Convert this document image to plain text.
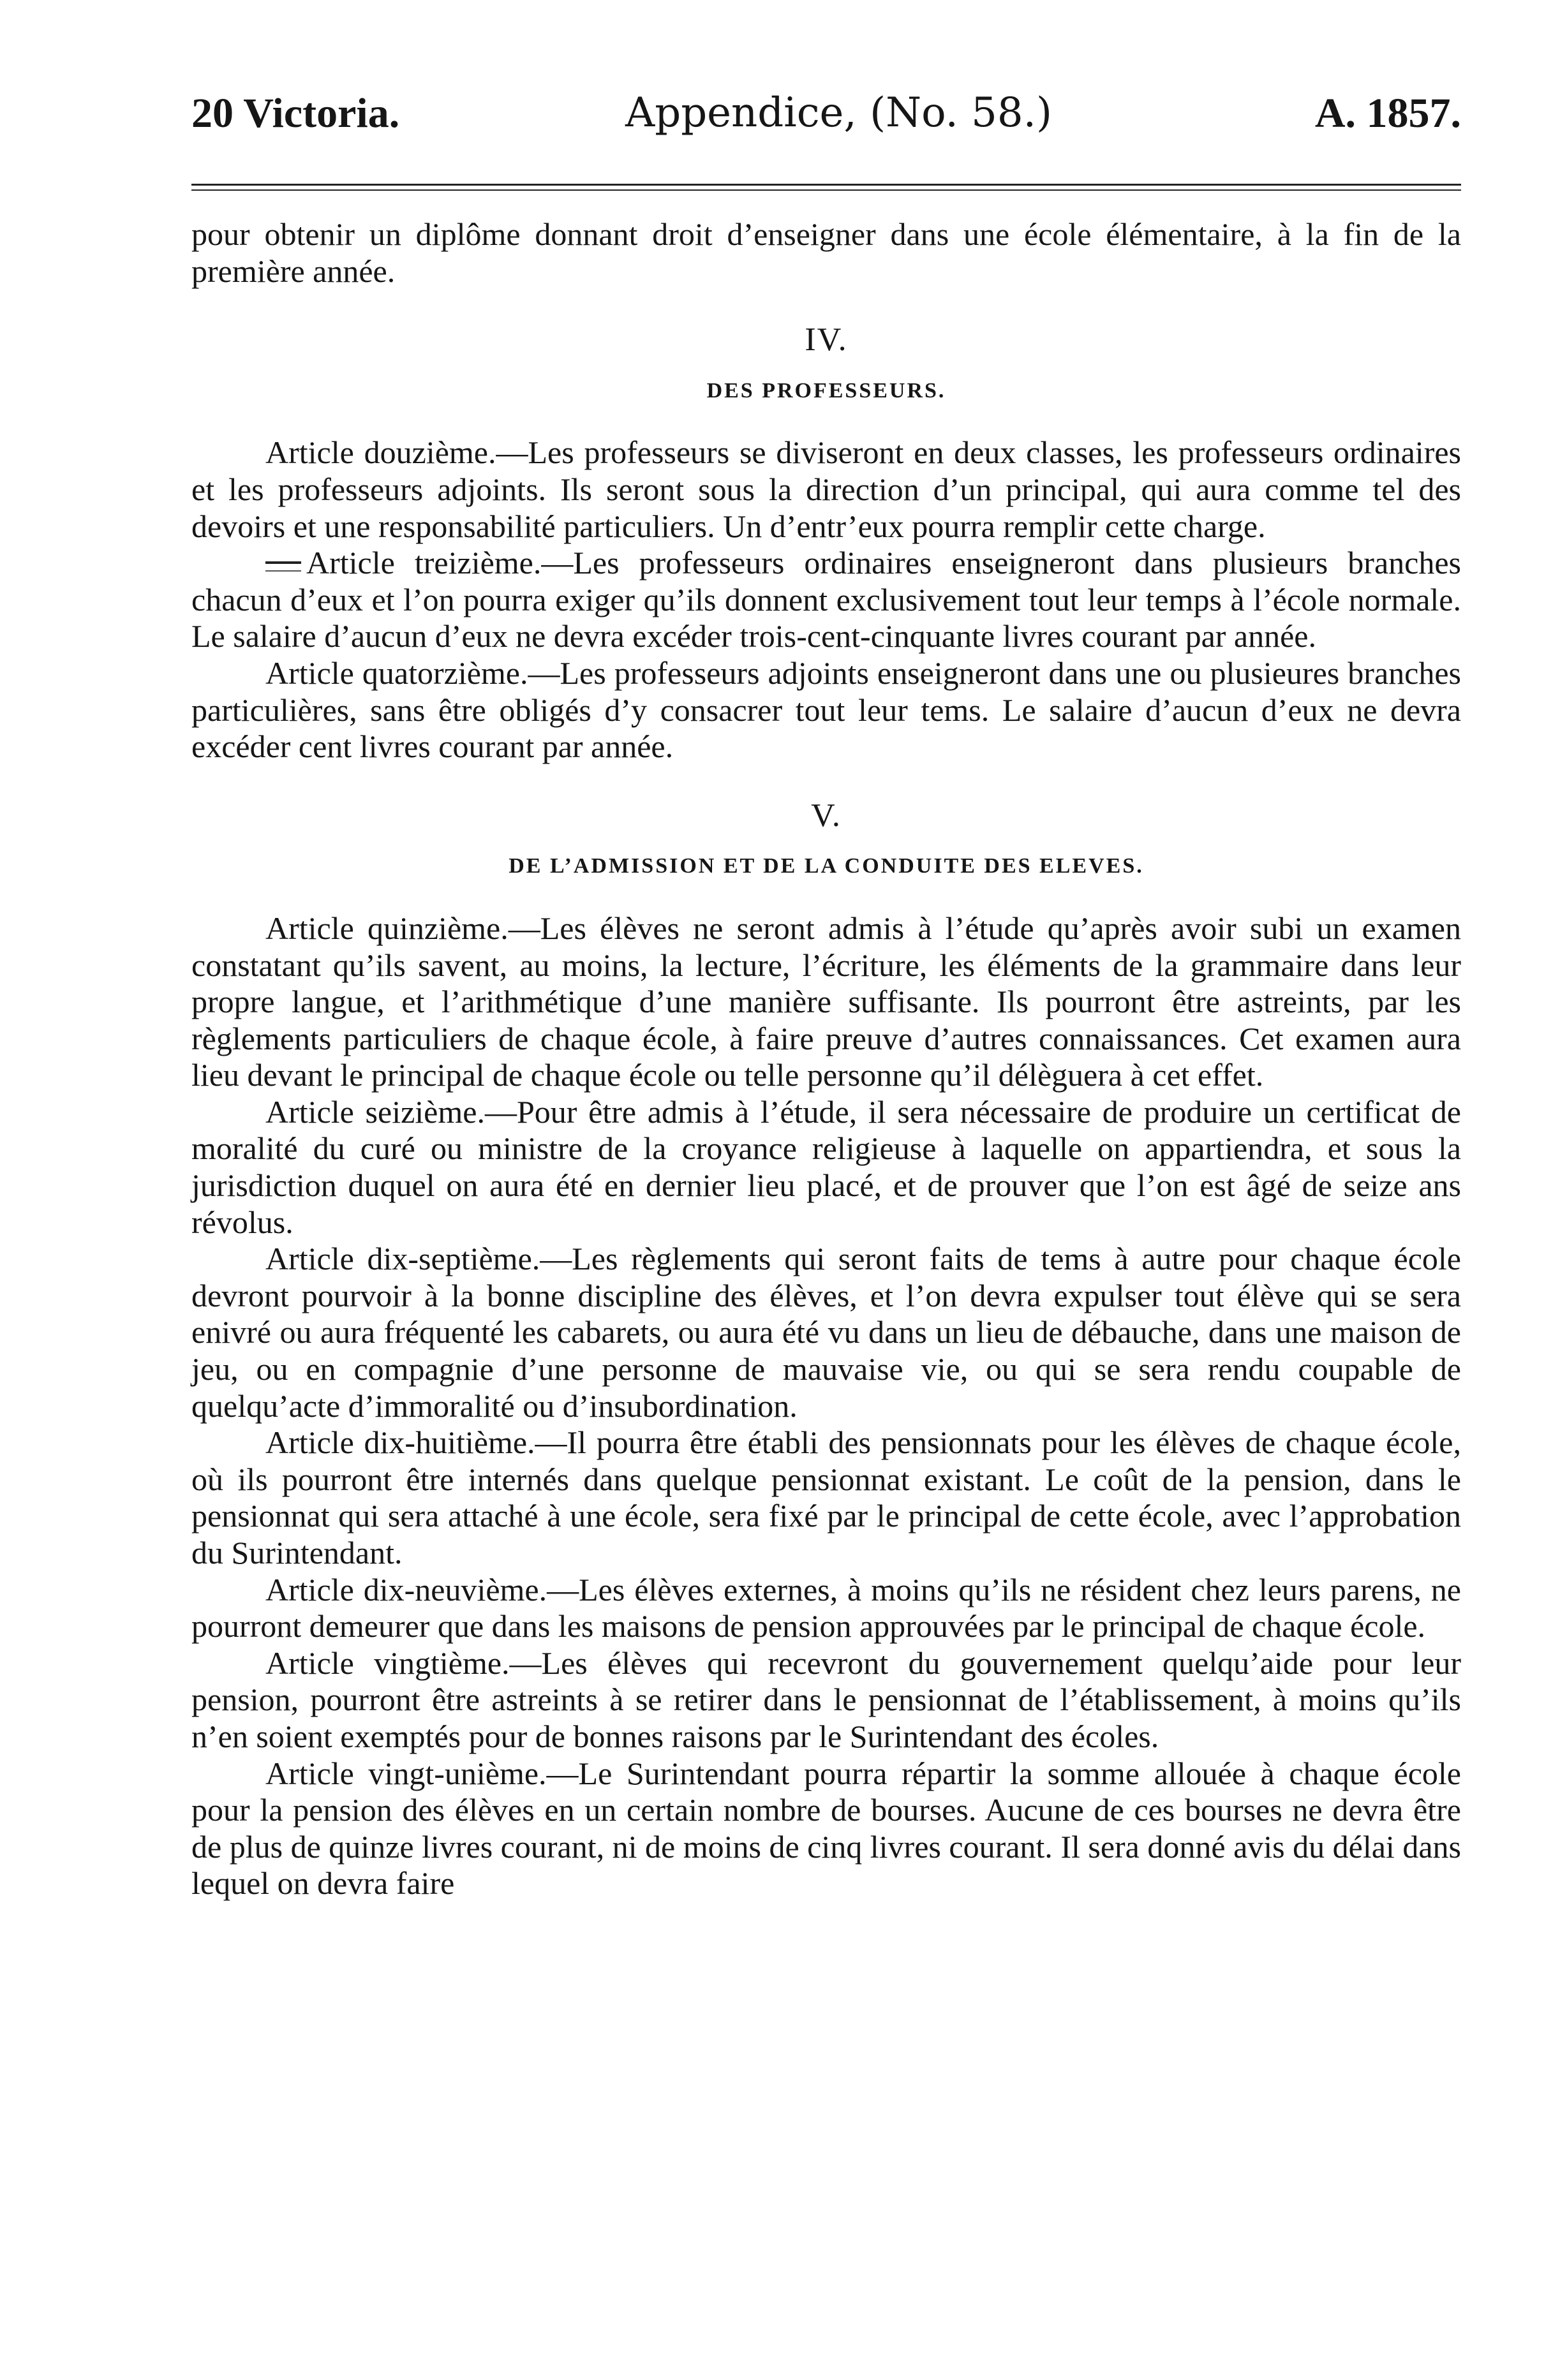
20 Victoria.	Appendice, (No. 58.)	A. 1857.

pour obtenir un diplôme donnant droit d’enseigner dans une école élémentaire, à la fin de la première année.

IV.
DES PROFESSEURS.

Article douzième.—Les professeurs se diviseront en deux classes, les professeurs ordinaires et les professeurs adjoints. Ils seront sous la direction d’un principal, qui aura comme tel des devoirs et une responsabilité particuliers. Un d’entr’eux pourra remplir cette charge.

Article treizième.—Les professeurs ordinaires enseigneront dans plusieurs branches chacun d’eux et l’on pourra exiger qu’ils donnent exclusivement tout leur temps à l’école normale. Le salaire d’aucun d’eux ne devra excéder trois-cent-cinquante livres courant par année.

Article quatorzième.—Les professeurs adjoints enseigneront dans une ou plusieures branches particulières, sans être obligés d’y consacrer tout leur tems. Le salaire d’aucun d’eux ne devra excéder cent livres courant par année.

V.
DE L’ADMISSION ET DE LA CONDUITE DES ELEVES.

Article quinzième.—Les élèves ne seront admis à l’étude qu’après avoir subi un examen constatant qu’ils savent, au moins, la lecture, l’écriture, les éléments de la grammaire dans leur propre langue, et l’arithmétique d’une manière suffisante. Ils pourront être astreints, par les règlements particuliers de chaque école, à faire preuve d’autres connaissances. Cet examen aura lieu devant le principal de chaque école ou telle personne qu’il délèguera à cet effet.

Article seizième.—Pour être admis à l’étude, il sera nécessaire de produire un certificat de moralité du curé ou ministre de la croyance religieuse à laquelle on appartiendra, et sous la jurisdiction duquel on aura été en dernier lieu placé, et de prouver que l’on est âgé de seize ans révolus.

Article dix-septième.—Les règlements qui seront faits de tems à autre pour chaque école devront pourvoir à la bonne discipline des élèves, et l’on devra expulser tout élève qui se sera enivré ou aura fréquenté les cabarets, ou aura été vu dans un lieu de débauche, dans une maison de jeu, ou en compagnie d’une personne de mauvaise vie, ou qui se sera rendu coupable de quelqu’acte d’immoralité ou d’insubordination.

Article dix-huitième.—Il pourra être établi des pensionnats pour les élèves de chaque école, où ils pourront être internés dans quelque pensionnat existant. Le coût de la pension, dans le pensionnat qui sera attaché à une école, sera fixé par le principal de cette école, avec l’approbation du Surintendant.

Article dix-neuvième.—Les élèves externes, à moins qu’ils ne résident chez leurs parens, ne pourront demeurer que dans les maisons de pension approuvées par le principal de chaque école.

Article vingtième.—Les élèves qui recevront du gouvernement quelqu’aide pour leur pension, pourront être astreints à se retirer dans le pensionnat de l’établissement, à moins qu’ils n’en soient exemptés pour de bonnes raisons par le Surintendant des écoles.

Article vingt-unième.—Le Surintendant pourra répartir la somme allouée à chaque école pour la pension des élèves en un certain nombre de bourses. Aucune de ces bourses ne devra être de plus de quinze livres courant, ni de moins de cinq livres courant. Il sera donné avis du délai dans lequel on devra faire
